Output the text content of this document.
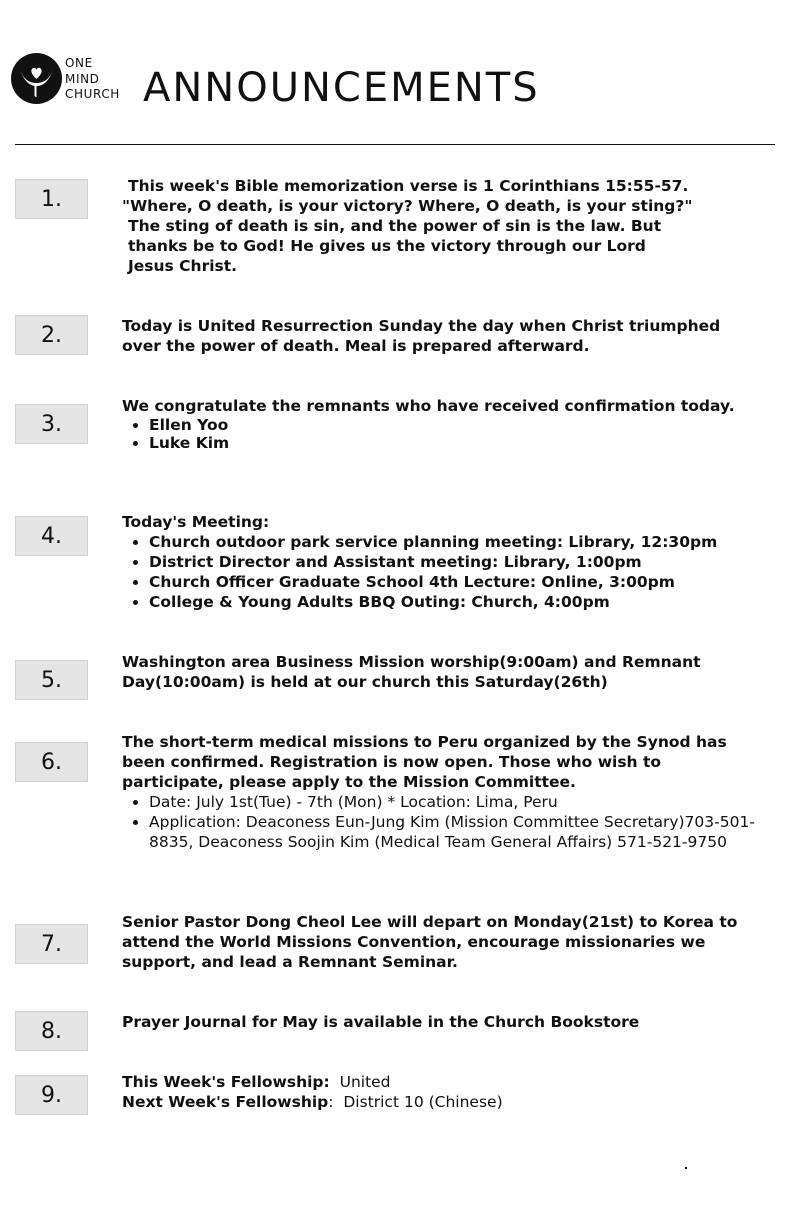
ONE
MIND
CHURCH ANNOUNCEMENTS
1.
This week's Bible memorization verse is 1 Corinthians 15:55-57.
"Where, O death, is your victory? Where, O death, is your sting?"
The sting of death is sin, and the power of sin is the law. But
thanks be to God! He gives us the victory through our Lord
Jesus Christ.
2.	Today is United Resurrection Sunday the day when Christ triumphed over the power of death. Meal is prepared afterward.
3.
We congratulate the remnants who have received confirmation today.
• Ellen Yoo
• Luke Kim
4.
Today's Meeting:
• Church outdoor park service planning meeting: Library, 12:30pm
• District Director and Assistant meeting: Library, 1:00pm
• Church Officer Graduate School 4th Lecture: Online, 3:00pm
• College & Young Adults BBQ Outing: Church, 4:00pm
5.
Washington area Business Mission worship(9:00am) and Remnant Day(10:00am) is held at our church this Saturday(26th)
6.
The short-term medical missions to Peru organized by the Synod has been confirmed. Registration is now open. Those who wish to participate, please apply to the Mission Committee.
• Date: July 1st(Tue) - 7th (Mon) * Location: Lima, Peru
• Application: Deaconess Eun-Jung Kim (Mission Committee Secretary)703-501-8835, Deaconess Soojin Kim (Medical Team General Affairs) 571-521-9750
7.
Senior Pastor Dong Cheol Lee will depart on Monday(21st) to Korea to attend the World Missions Convention, encourage missionaries we support, and lead a Remnant Seminar.
8.	Prayer Journal for May is available in the Church Bookstore
9.
This Week's Fellowship: United
Next Week's Fellowship:  District 10 (Chinese)
